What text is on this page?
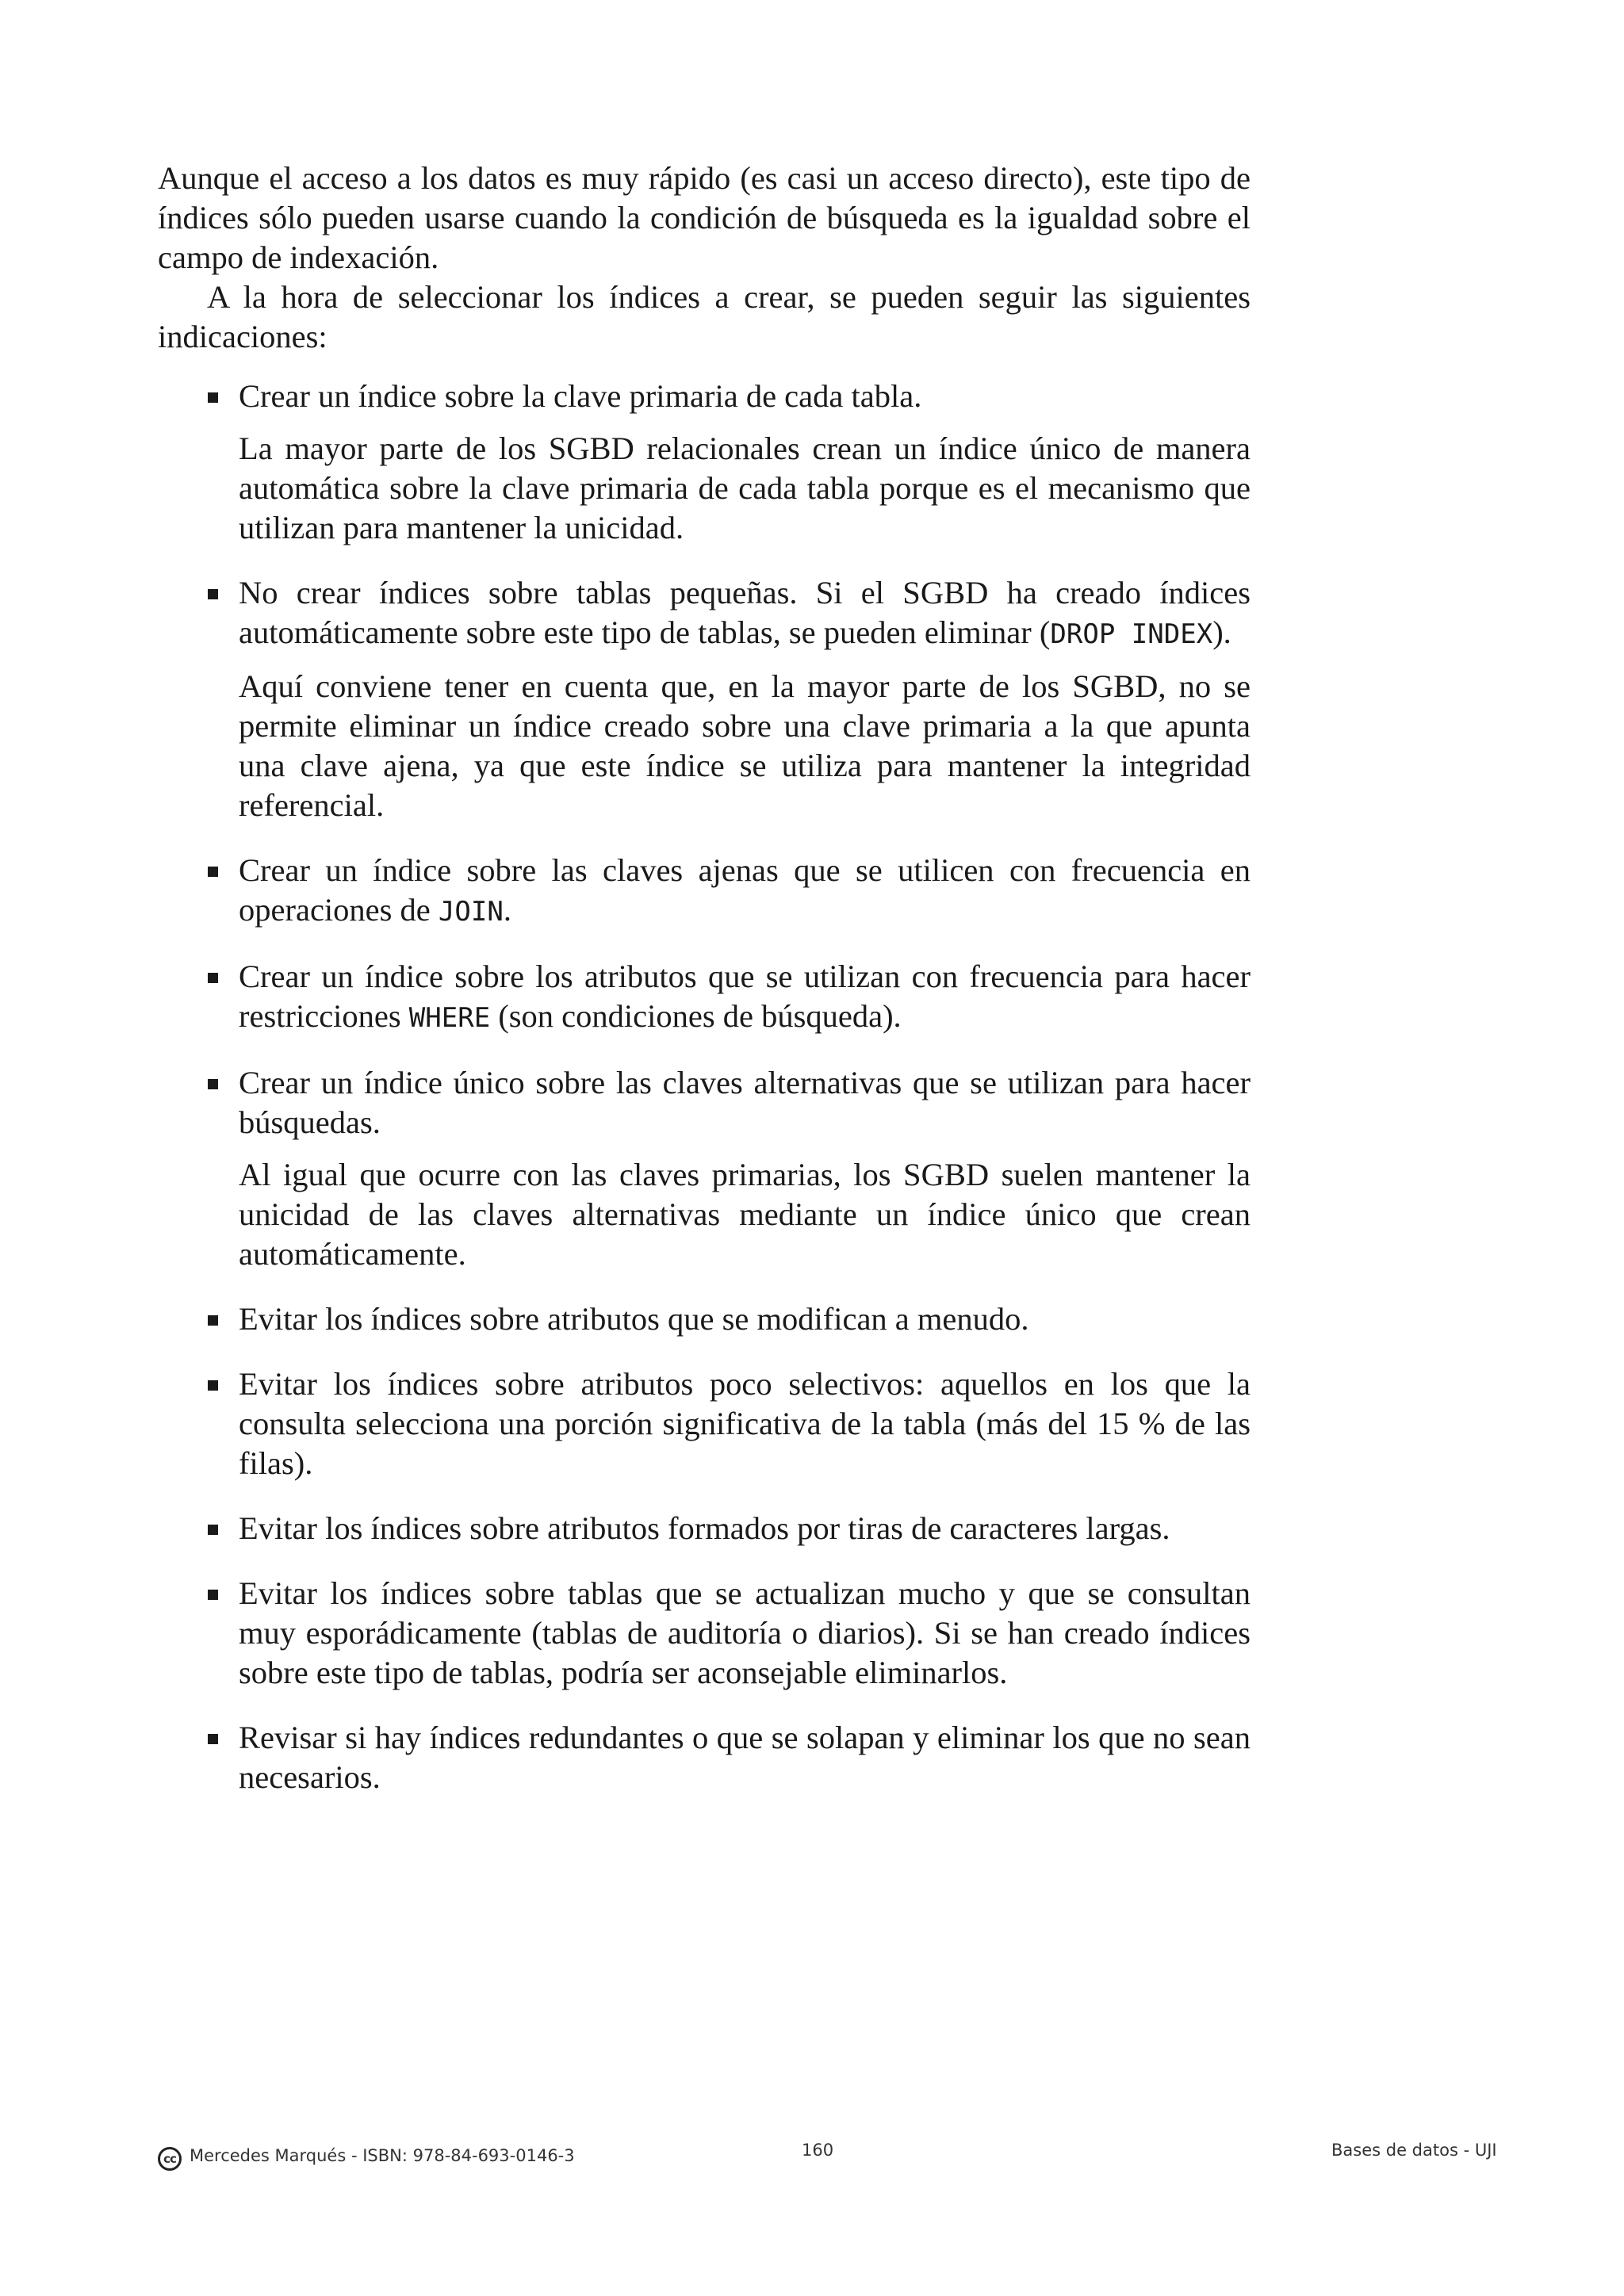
Aunque el acceso a los datos es muy rápido (es casi un acceso directo), este tipo de índices sólo pueden usarse cuando la condición de búsqueda es la igualdad sobre el campo de indexación.

A la hora de seleccionar los índices a crear, se pueden seguir las siguientes indicaciones:

Crear un índice sobre la clave primaria de cada tabla.

La mayor parte de los SGBD relacionales crean un índice único de manera automática sobre la clave primaria de cada tabla porque es el mecanismo que utilizan para mantener la unicidad.

No crear índices sobre tablas pequeñas. Si el SGBD ha creado índices automáticamente sobre este tipo de tablas, se pueden eliminar (DROP INDEX).

Aquí conviene tener en cuenta que, en la mayor parte de los SGBD, no se permite eliminar un índice creado sobre una clave primaria a la que apunta una clave ajena, ya que este índice se utiliza para mantener la integridad referencial.

Crear un índice sobre las claves ajenas que se utilicen con frecuencia en operaciones de JOIN.

Crear un índice sobre los atributos que se utilizan con frecuencia para hacer restricciones WHERE (son condiciones de búsqueda).

Crear un índice único sobre las claves alternativas que se utilizan para hacer búsquedas.

Al igual que ocurre con las claves primarias, los SGBD suelen mantener la unicidad de las claves alternativas mediante un índice único que crean automáticamente.

Evitar los índices sobre atributos que se modifican a menudo.

Evitar los índices sobre atributos poco selectivos: aquellos en los que la consulta selecciona una porción significativa de la tabla (más del 15 % de las filas).

Evitar los índices sobre atributos formados por tiras de caracteres largas.

Evitar los índices sobre tablas que se actualizan mucho y que se consultan muy esporádicamente (tablas de auditoría o diarios). Si se han creado índices sobre este tipo de tablas, podría ser aconsejable eliminarlos.

Revisar si hay índices redundantes o que se solapan y eliminar los que no sean necesarios.

cc Mercedes Marqués - ISBN: 978-84-693-0146-3	160	Bases de datos - UJI
